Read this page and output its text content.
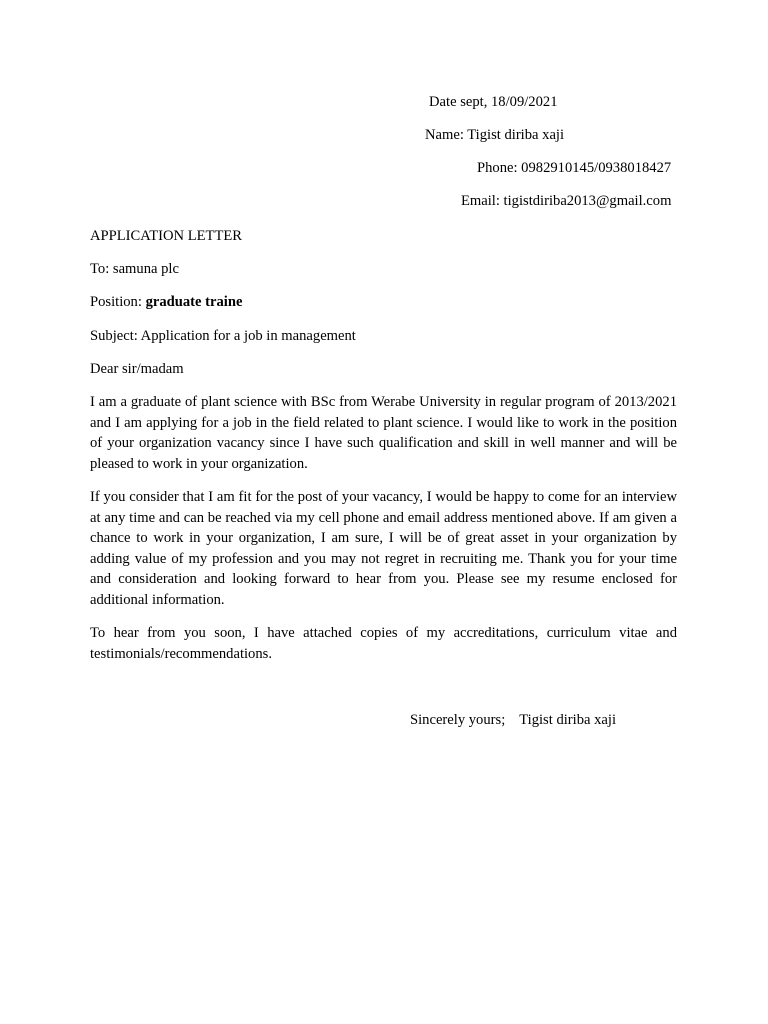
Date sept, 18/09/2021
Name: Tigist diriba xaji
Phone: 0982910145/0938018427
Email: tigistdiriba2013@gmail.com
APPLICATION LETTER
To: samuna plc
Position: graduate traine
Subject: Application for a job in management
Dear sir/madam

I am a graduate of plant science with BSc from Werabe University in regular program of 2013/2021 and I am applying for a job in the field related to plant science. I would like to work in the position of your organization vacancy since I have such qualification and skill in well manner and will be pleased to work in your organization.

If you consider that I am fit for the post of your vacancy, I would be happy to come for an interview at any time and can be reached via my cell phone and email address mentioned above. If am given a chance to work in your organization, I am sure, I will be of great asset in your organization by adding value of my profession and you may not regret in recruiting me. Thank you for your time and consideration and looking forward to hear from you. Please see my resume enclosed for additional information.

To hear from you soon, I have attached copies of my accreditations, curriculum vitae and testimonials/recommendations.

Sincerely yours; Tigist diriba xaji
